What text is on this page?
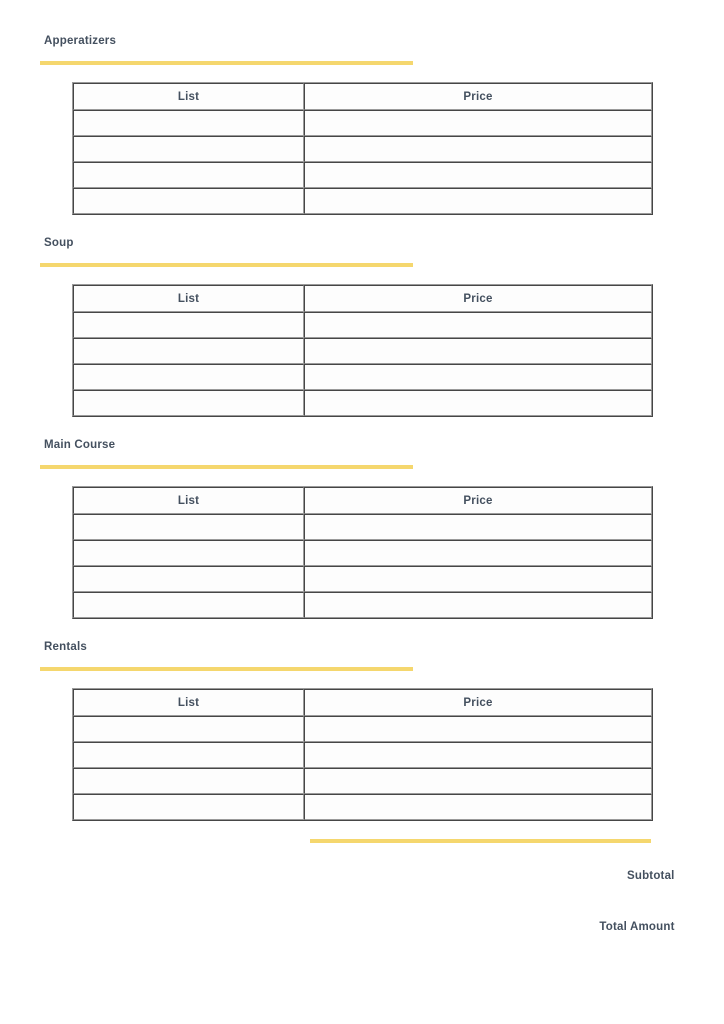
Apperatizers
List	Price

Soup
List	Price

Main Course
List	Price

Rentals
List	Price

Subtotal
Total Amount
